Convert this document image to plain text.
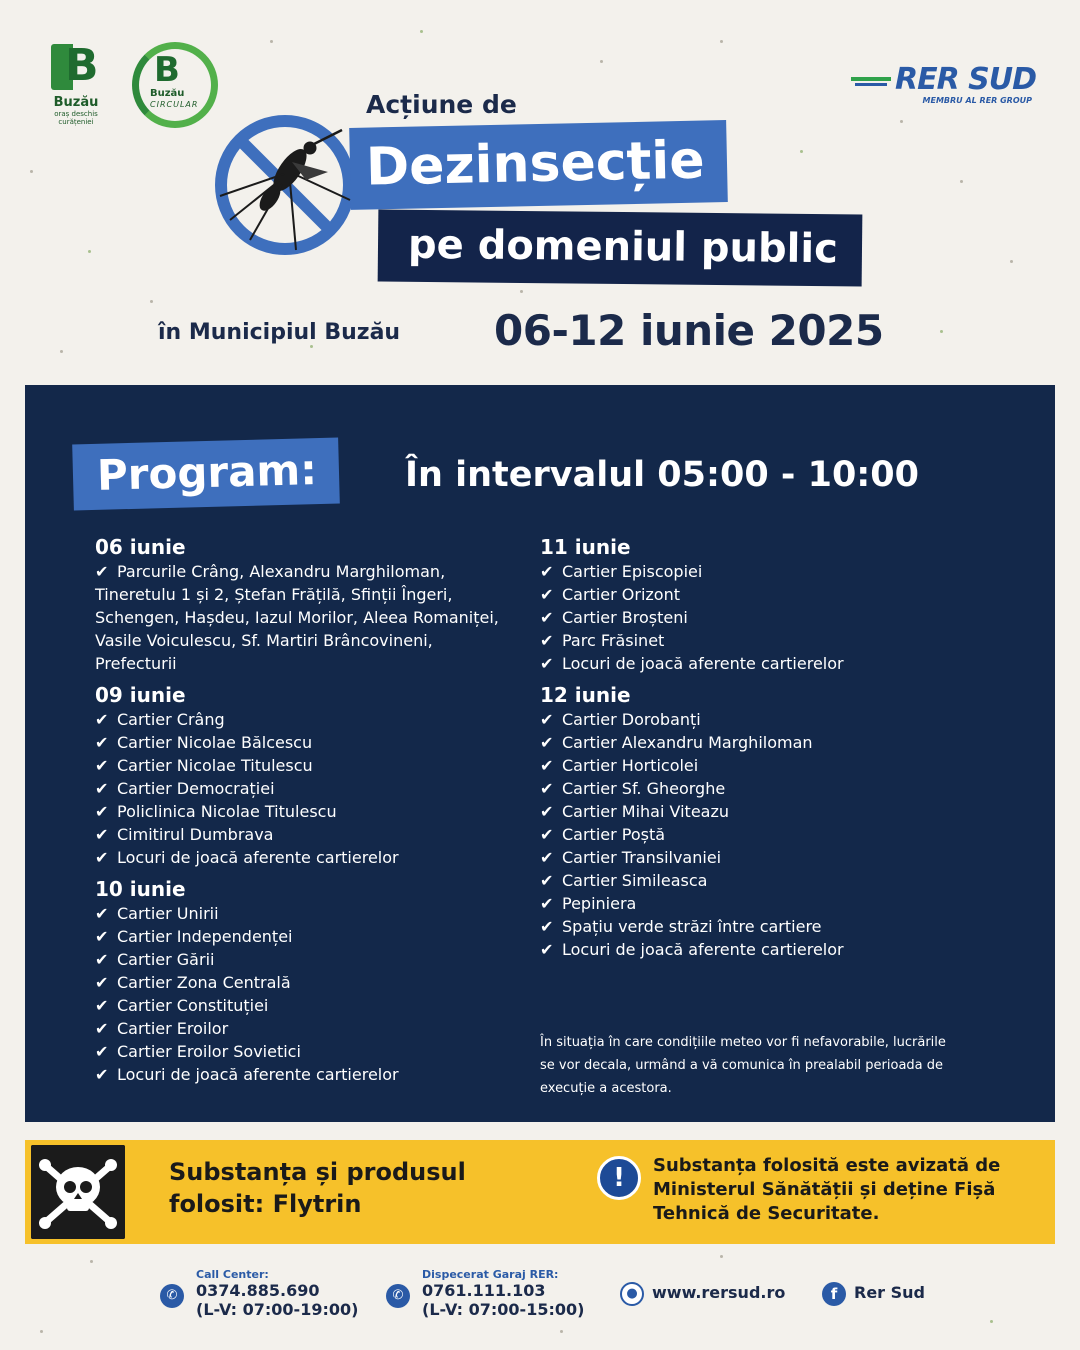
B
Buzău
oraș deschis curățeniei
B
Buzău
CIRCULAR
RER SUD
MEMBRU AL RER GROUP
Acțiune de
Dezinsecție
pe domeniul public
în Municipiul Buzău 06-12 iunie 2025
Program:	În intervalul 05:00 - 10:00
06 iunie
✔ Parcurile Crâng, Alexandru Marghiloman, Tineretulu 1 și 2, Ștefan Frățilă, Sfinții Îngeri, Schengen, Hașdeu, Iazul Morilor, Aleea Romaniței, Vasile Voiculescu, Sf. Martiri Brâncovineni, Prefecturii
09 iunie
✔ Cartier Crâng
✔ Cartier Nicolae Bălcescu
✔ Cartier Nicolae Titulescu
✔ Cartier Democrației
✔ Policlinica Nicolae Titulescu
✔ Cimitirul Dumbrava
✔ Locuri de joacă aferente cartierelor
10 iunie
✔ Cartier Unirii
✔ Cartier Independenței
✔ Cartier Gării
✔ Cartier Zona Centrală
✔ Cartier Constituției
✔ Cartier Eroilor
✔ Cartier Eroilor Sovietici
✔ Locuri de joacă aferente cartierelor
11 iunie
✔ Cartier Episcopiei
✔ Cartier Orizont
✔ Cartier Broșteni
✔ Parc Frăsinet
✔ Locuri de joacă aferente cartierelor
12 iunie
✔ Cartier Dorobanți
✔ Cartier Alexandru Marghiloman
✔ Cartier Horticolei
✔ Cartier Sf. Gheorghe
✔ Cartier Mihai Viteazu
✔ Cartier Poștă
✔ Cartier Transilvaniei
✔ Cartier Simileasca
✔ Pepiniera
✔ Spațiu verde străzi între cartiere
✔ Locuri de joacă aferente cartierelor
În situația în care condițiile meteo vor fi nefavorabile, lucrările se vor decala, urmând a vă comunica în prealabil perioada de execuție a acestora.
Substanța și produsul folosit: Flytrin
!	Substanța folosită este avizată de Ministerul Sănătății și deține Fișă Tehnică de Securitate.
✆
Call Center:
0374.885.690
(L-V: 07:00-19:00)
✆
Dispecerat Garaj RER:
0761.111.103
(L-V: 07:00-15:00)
● www.rersud.ro	f	Rer Sud
